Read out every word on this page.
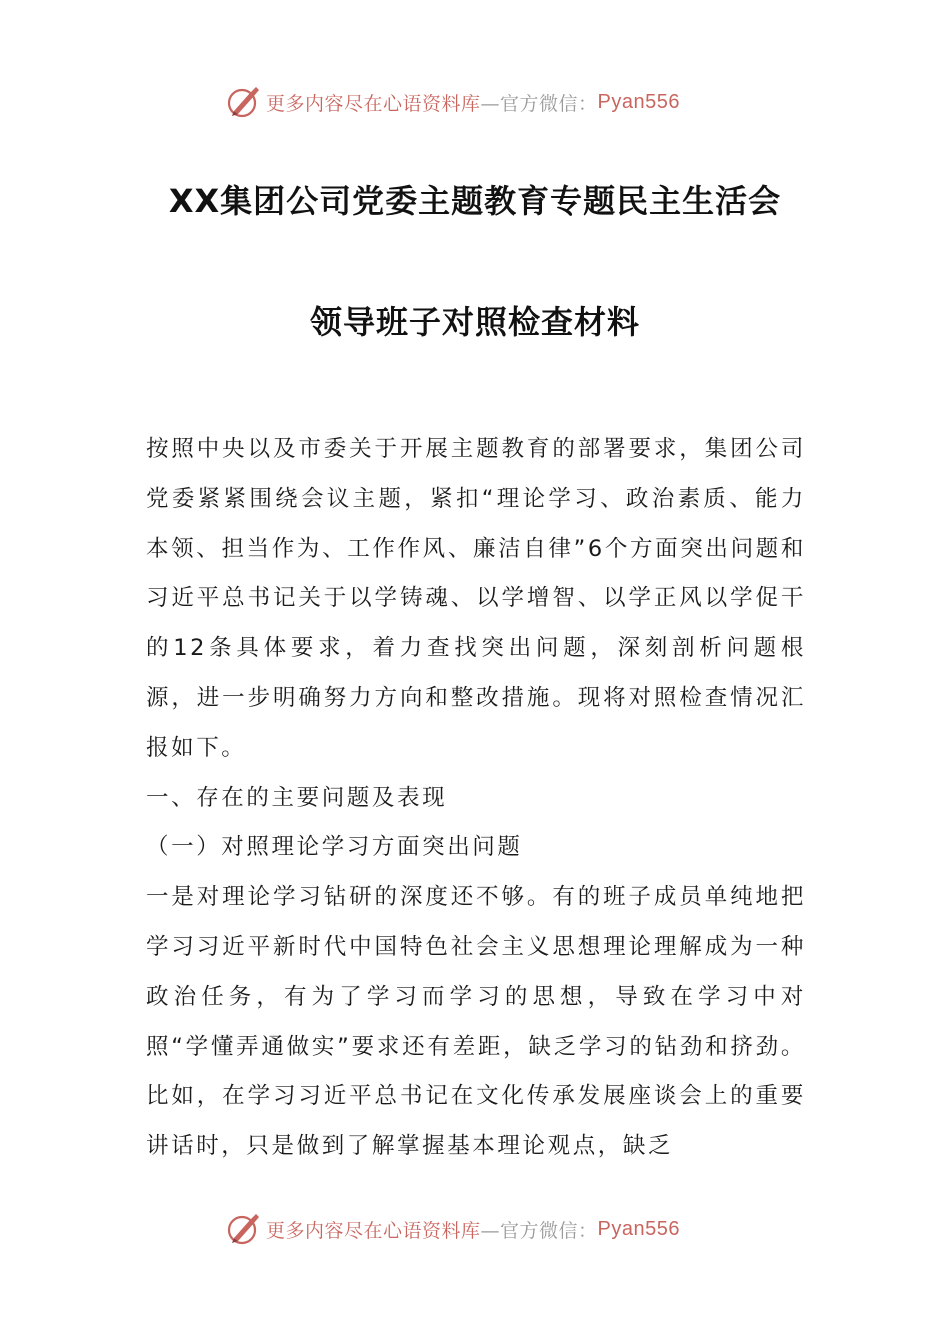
更多内容尽在心语资料库 —官方微信： Pyan556
XX集团公司党委主题教育专题民主生活会
领导班子对照检查材料

按照中央以及市委关于开展主题教育的部署要求，集团公司党委紧紧围绕会议主题，紧扣“理论学习、政治素质、能力本领、担当作为、工作作风、廉洁自律”6个方面突出问题和习近平总书记关于以学铸魂、以学增智、以学正风以学促干的12条具体要求，着力查找突出问题，深刻剖析问题根源，进一步明确努力方向和整改措施。现将对照检查情况汇报如下。

一、存在的主要问题及表现

（一）对照理论学习方面突出问题

一是对理论学习钻研的深度还不够。有的班子成员单纯地把学习习近平新时代中国特色社会主义思想理论理解成为一种政治任务，有为了学习而学习的思想，导致在学习中对照“学懂弄通做实”要求还有差距，缺乏学习的钻劲和挤劲。比如，在学习习近平总书记在文化传承发展座谈会上的重要讲话时，只是做到了解掌握基本理论观点，缺乏

更多内容尽在心语资料库 —官方微信： Pyan556
